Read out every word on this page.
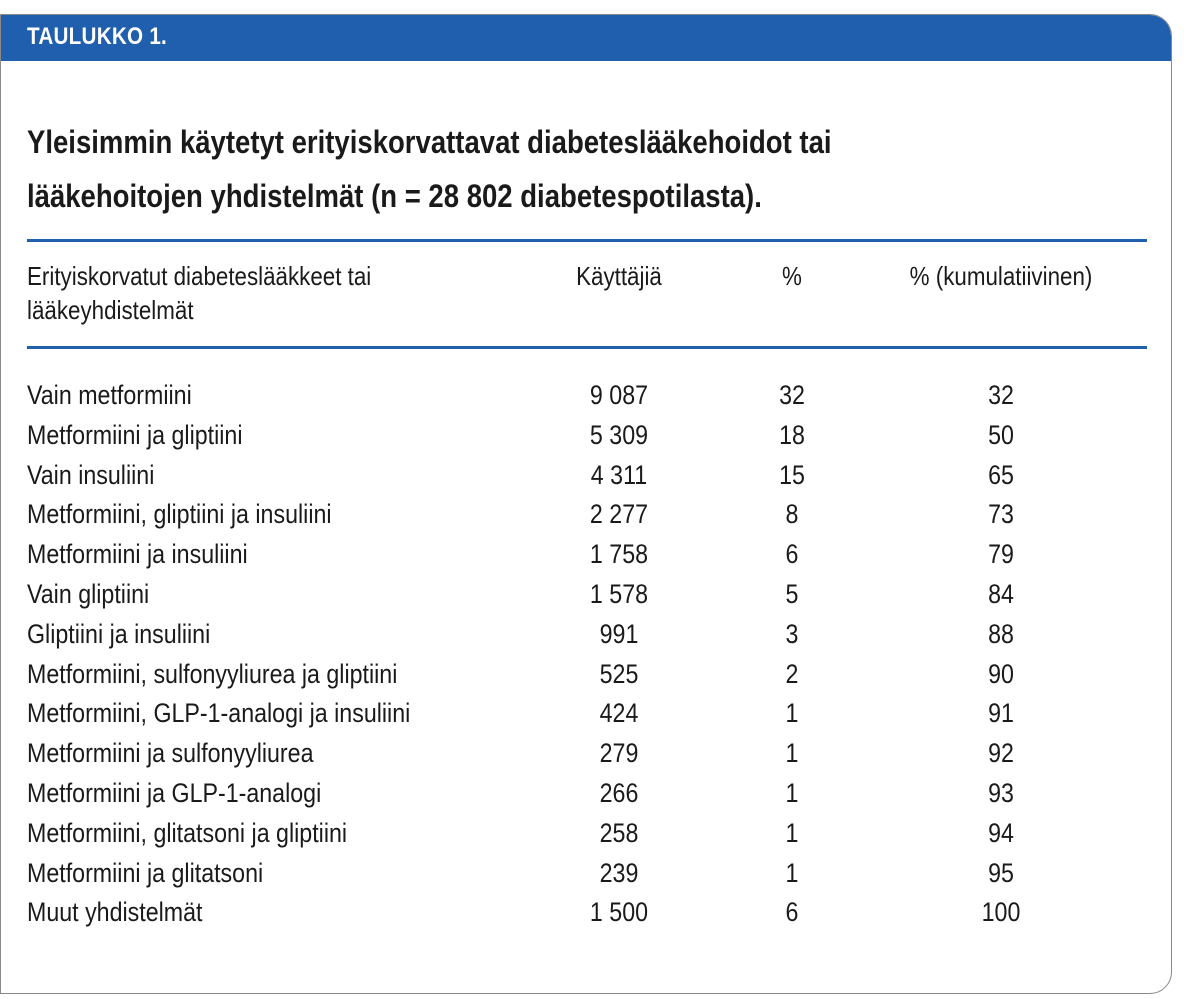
TAULUKKO 1.
Yleisimmin käytetyt erityiskorvattavat diabeteslääkehoidot tai lääkehoitojen yhdistelmät (n = 28 802 diabetespotilasta).
Erityiskorvatut diabeteslääkkeet tai
lääkeyhdistelmät
Käyttäjiä	%	% (kumulatiivinen)
Vain metformiini	9 087	32	32
Metformiini ja gliptiini	5 309	18	50
Vain insuliini	4 311	15	65
Metformiini, gliptiini ja insuliini	2 277	8	73
Metformiini ja insuliini	1 758	6	79
Vain gliptiini	1 578	5	84
Gliptiini ja insuliini	991	3	88
Metformiini, sulfonyyliurea ja gliptiini	525	2	90
Metformiini, GLP-1-analogi ja insuliini	424	1	91
Metformiini ja sulfonyyliurea	279	1	92
Metformiini ja GLP-1-analogi	266	1	93
Metformiini, glitatsoni ja gliptiini	258	1	94
Metformiini ja glitatsoni	239	1	95
Muut yhdistelmät	1 500	6	100
